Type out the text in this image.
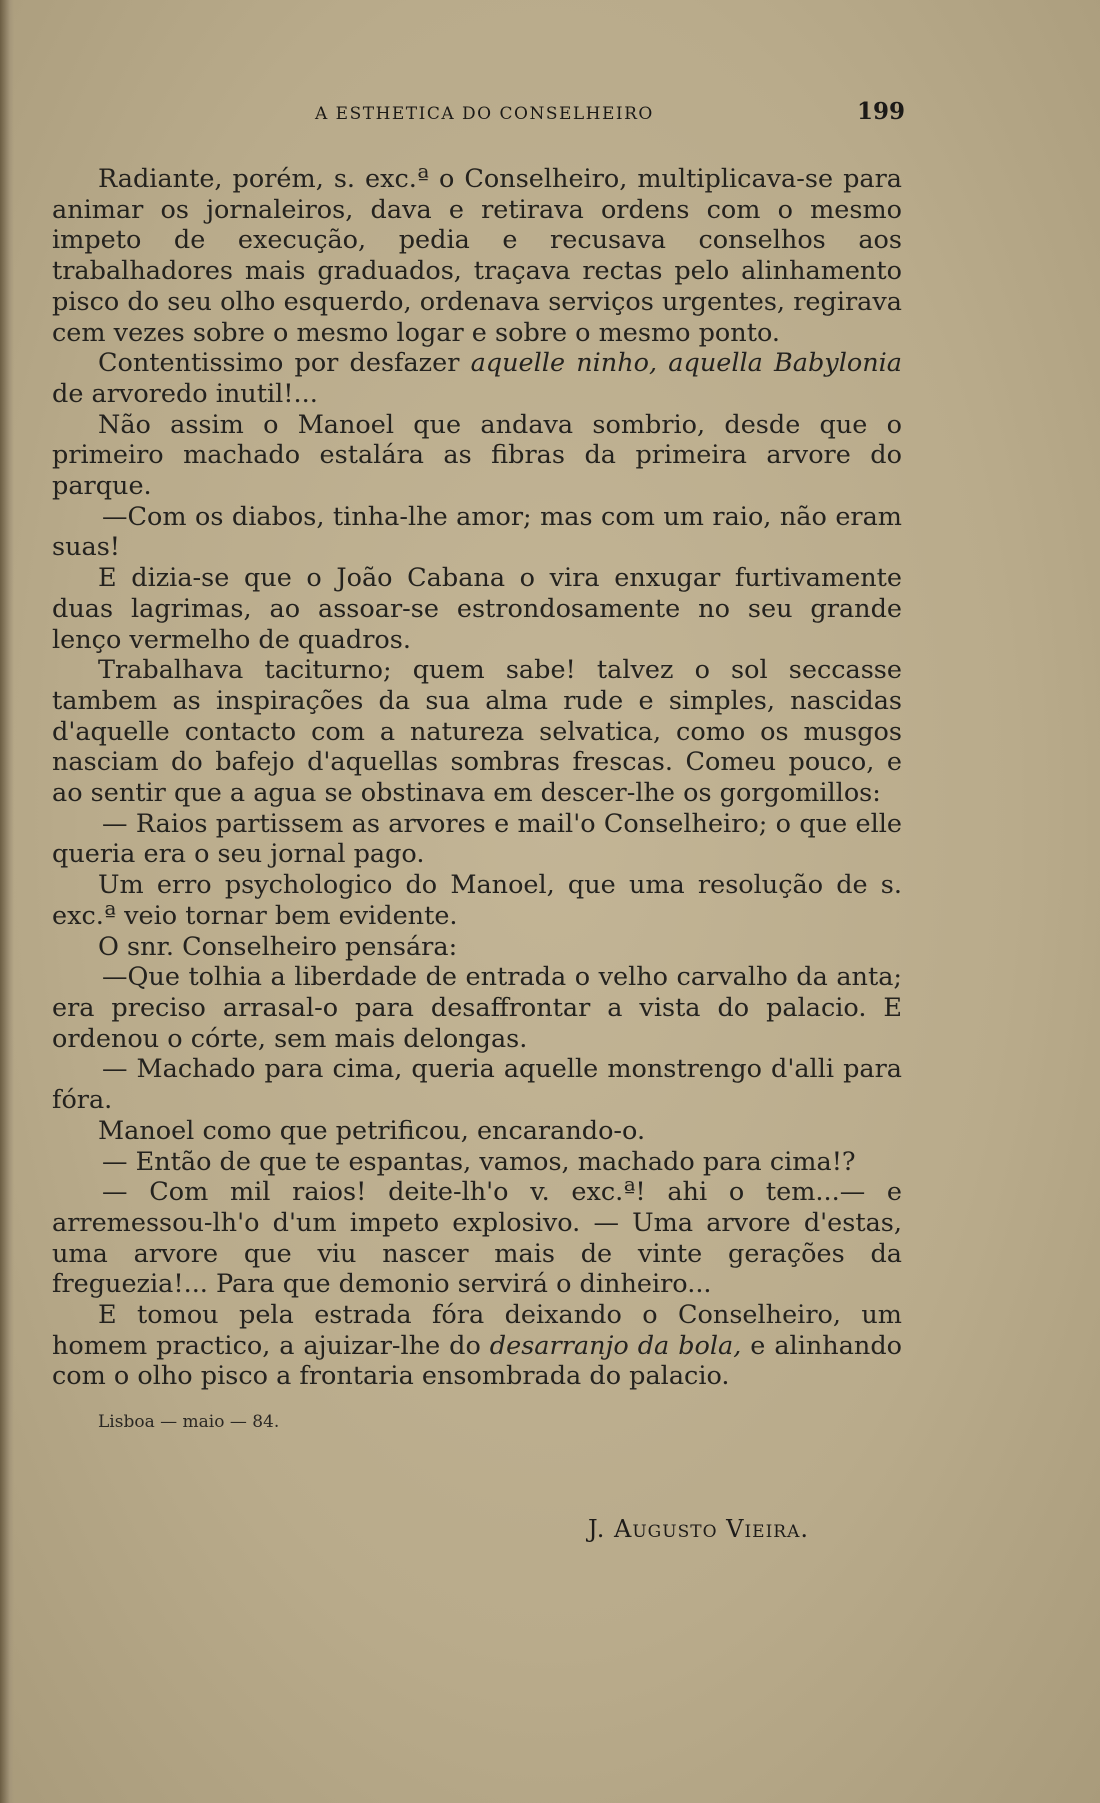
A ESTHETICA DO CONSELHEIRO	199

Radiante, porém, s. exc.ª o Conselheiro, multiplicava-se para animar os jornaleiros, dava e retirava ordens com o mesmo impeto de execução, pedia e recusava conselhos aos trabalhadores mais graduados, traçava rectas pelo alinhamento pisco do seu olho esquerdo, ordenava serviços urgentes, regirava cem vezes sobre o mesmo logar e sobre o mesmo ponto.

Contentissimo por desfazer aquelle ninho, aquella Babylonia de arvoredo inutil!...

Não assim o Manoel que andava sombrio, desde que o primeiro machado estalára as fibras da primeira arvore do parque.

—Com os diabos, tinha-lhe amor; mas com um raio, não eram suas!

E dizia-se que o João Cabana o vira enxugar furtivamente duas lagrimas, ao assoar-se estrondosamente no seu grande lenço vermelho de quadros.

Trabalhava taciturno; quem sabe! talvez o sol seccasse tambem as inspirações da sua alma rude e simples, nascidas d'aquelle contacto com a natureza selvatica, como os musgos nasciam do bafejo d'aquellas sombras frescas. Comeu pouco, e ao sentir que a agua se obstinava em descer-lhe os gorgomillos:

— Raios partissem as arvores e mail'o Conselheiro; o que elle queria era o seu jornal pago.

Um erro psychologico do Manoel, que uma resolução de s. exc.ª veio tornar bem evidente.

O snr. Conselheiro pensára:

—Que tolhia a liberdade de entrada o velho carvalho da anta; era preciso arrasal-o para desaffrontar a vista do palacio. E ordenou o córte, sem mais delongas.

— Machado para cima, queria aquelle monstrengo d'alli para fóra.

Manoel como que petrificou, encarando-o.

— Então de que te espantas, vamos, machado para cima!?

— Com mil raios! deite-lh'o v. exc.ª! ahi o tem...— e arremessou-lh'o d'um impeto explosivo. — Uma arvore d'estas, uma arvore que viu nascer mais de vinte gerações da freguezia!... Para que demonio servirá o dinheiro...

E tomou pela estrada fóra deixando o Conselheiro, um homem practico, a ajuizar-lhe do desarranjo da bola, e alinhando com o olho pisco a frontaria ensombrada do palacio.

Lisboa — maio — 84.
J. Augusto Vieira.
